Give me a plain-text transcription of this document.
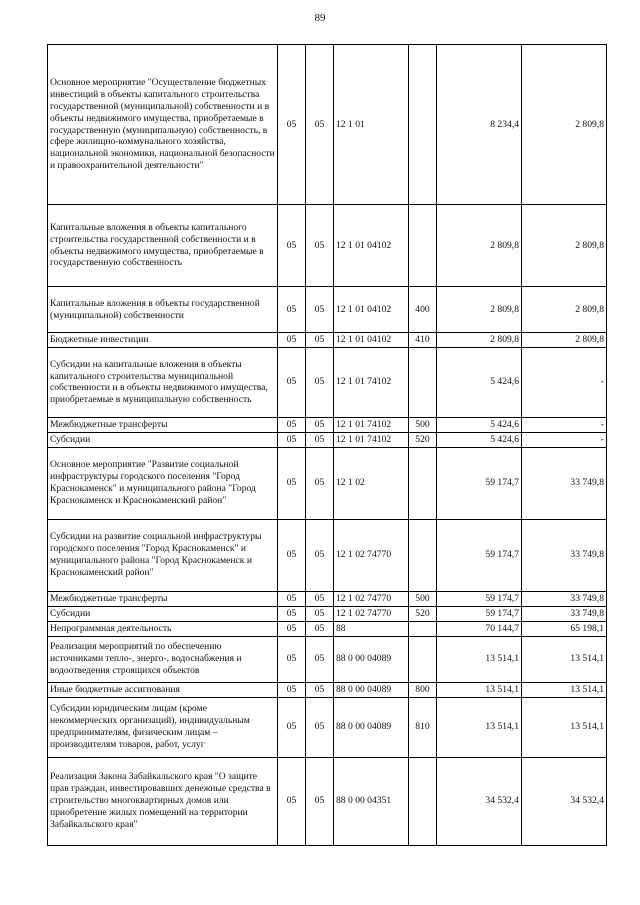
89
Основное мероприятие "Осуществление бюджетных инвестиций в объекты капитального строительства государственной (муниципальной) собственности и в объекты недвижимого имущества, приобретаемые в государственную (муниципальную) собственность, в сфере жилищно-коммунального хозяйства, национальной экономики, национальной безопасности и правоохранительной деятельности"	05	05	12 1 01		8 234,4	2 809,8
Капитальные вложения в объекты капитального строительства государственной собственности и в объекты недвижимого имущества, приобретаемые в государственную собственность	05	05	12 1 01 04102		2 809,8	2 809,8
Капитальные вложения в объекты государственной (муниципальной) собственности	05	05	12 1 01 04102	400	2 809,8	2 809,8
Бюджетные инвестиции	05	05	12 1 01 04102	410	2 809,8	2 809,8
Субсидии на капитальные вложения в объекты капитального строительства муниципальной собственности и в объекты недвижимого имущества, приобретаемые в муниципальную собственность	05	05	12 1 01 74102		5 424,6	-
Межбюджетные трансферты	05	05	12 1 01 74102	500	5 424,6	-
Субсидии	05	05	12 1 01 74102	520	5 424,6	-
Основное мероприятие "Развитие социальной инфраструктуры городского поселения "Город Краснокаменск" и муниципального района "Город Краснокаменск и Краснокаменский район"	05	05	12 1 02		59 174,7	33 749,8
Субсидии на развитие социальной инфраструктуры городского поселения "Город Краснокаменск" и муниципального района "Город Краснокаменск и Краснокаменский район"	05	05	12 1 02 74770		59 174,7	33 749,8
Межбюджетные трансферты	05	05	12 1 02 74770	500	59 174,7	33 749,8
Субсидии	05	05	12 1 02 74770	520	59 174,7	33 749,8
Непрограммная деятельность	05	05	88		70 144,7	65 198,1
Реализация мероприятий по обеспечению источниками тепло-, энерго-, водоснабжения и водоотведения строящихся объектов	05	05	88 0 00 04089		13 514,1	13 514,1
Иные бюджетные ассигнования	05	05	88 0 00 04089	800	13 514,1	13 514,1
Субсидии юридическим лицам (кроме некоммерческих организаций), индивидуальным предпринимателям, физическим лицам – производителям товаров, работ, услуг	05	05	88 0 00 04089	810	13 514,1	13 514,1
Реализация Закона Забайкальского края "О защите прав граждан, инвестировавших денежные средства в строительство многоквартирных домов или приобретение жилых помещений на территории Забайкальского края"	05	05	88 0 00 04351		34 532,4	34 532,4
